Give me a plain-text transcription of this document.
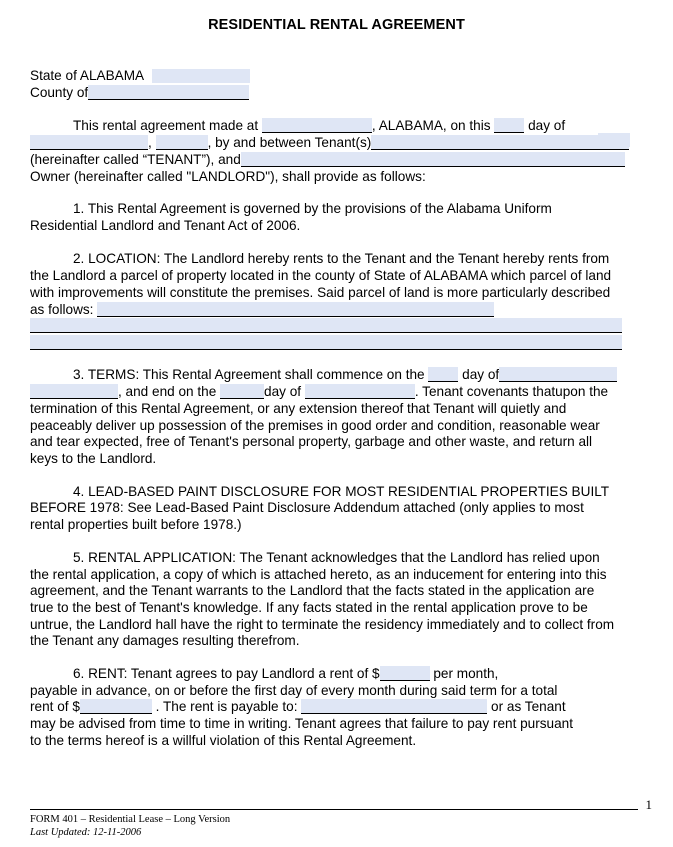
RESIDENTIAL RENTAL AGREEMENT
State of ALABAMA
County of
This rental agreement made at	, ALABAMA, on this	day of
,	, by and between Tenant(s)
(hereinafter called “TENANT”), and
Owner (hereinafter called "LANDLORD"), shall provide as follows:
1. This Rental Agreement is governed by the provisions of the Alabama Uniform
Residential Landlord and Tenant Act of 2006.
2. LOCATION: The Landlord hereby rents to the Tenant and the Tenant hereby rents from
the Landlord a parcel of property located in the county of State of ALABAMA which parcel of land
with improvements will constitute the premises. Said parcel of land is more particularly described
as follows:
3. TERMS: This Rental Agreement shall commence on the	day of
, and end on the	day of	. Tenant covenants thatupon the
termination of this Rental Agreement, or any extension thereof that Tenant will quietly and
peaceably deliver up possession of the premises in good order and condition, reasonable wear
and tear expected, free of Tenant's personal property, garbage and other waste, and return all
keys to the Landlord.
4. LEAD-BASED PAINT DISCLOSURE FOR MOST RESIDENTIAL PROPERTIES BUILT
BEFORE 1978: See Lead-Based Paint Disclosure Addendum attached (only applies to most
rental properties built before 1978.)
5. RENTAL APPLICATION: The Tenant acknowledges that the Landlord has relied upon
the rental application, a copy of which is attached hereto, as an inducement for entering into this
agreement, and the Tenant warrants to the Landlord that the facts stated in the application are
true to the best of Tenant's knowledge. If any facts stated in the rental application prove to be
untrue, the Landlord hall have the right to terminate the residency immediately and to collect from
the Tenant any damages resulting therefrom.
6. RENT: Tenant agrees to pay Landlord a rent of $	per month,
payable in advance, on or before the first day of every month during said term for a total
rent of $	. The rent is payable to:	or as Tenant
may be advised from time to time in writing. Tenant agrees that failure to pay rent pursuant
to the terms hereof is a willful violation of this Rental Agreement.
1
FORM 401 – Residential Lease – Long Version
Last Updated: 12-11-2006
